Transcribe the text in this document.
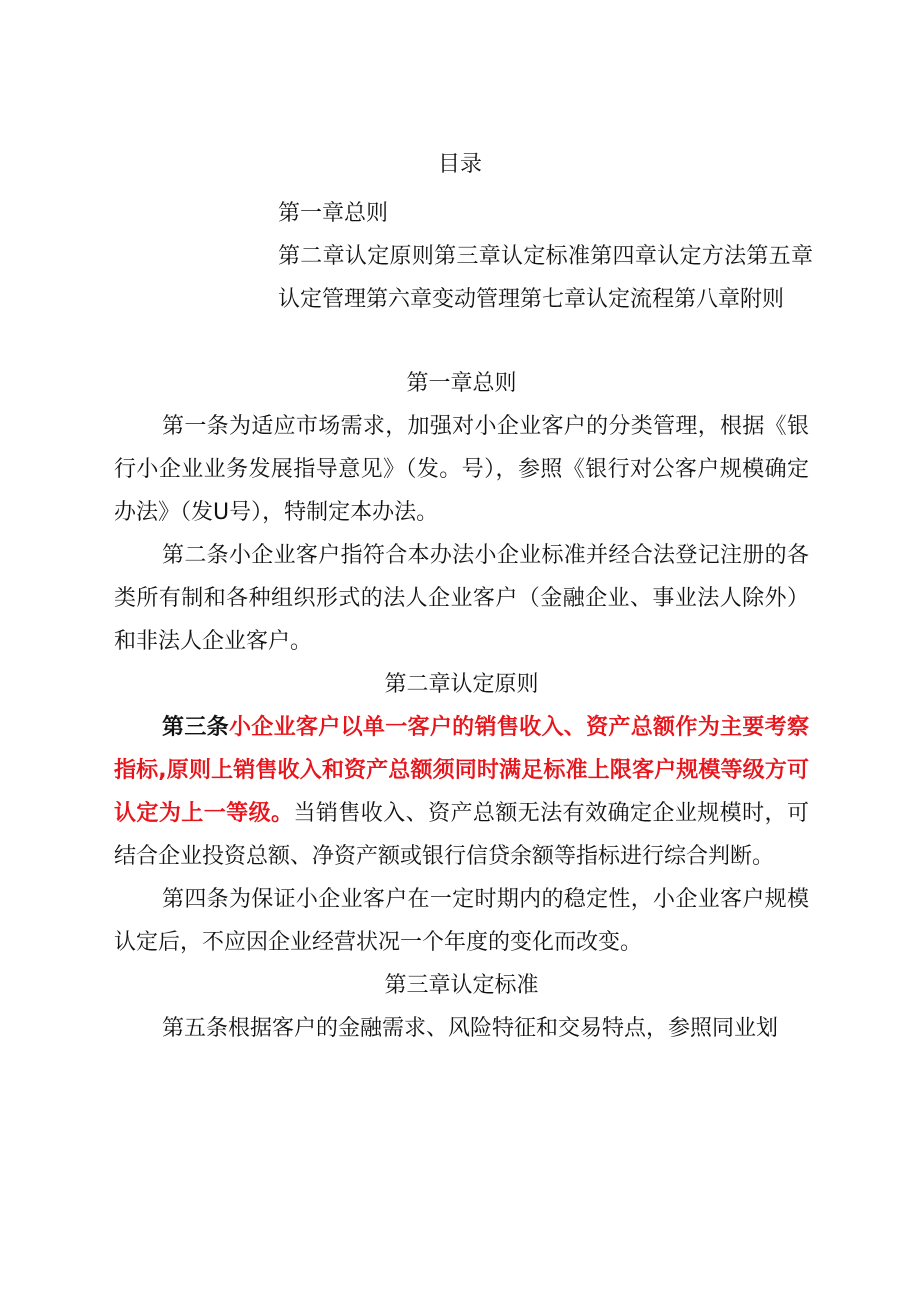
目录

第一章总则

第二章认定原则第三章认定标准第四章认定方法第五章认定管理第六章变动管理第七章认定流程第八章附则

第一章总则

第一条为适应市场需求，加强对小企业客户的分类管理，根据《银行小企业业务发展指导意见》（发。号），参照《银行对公客户规模确定办法》（发U号），特制定本办法。

第二条小企业客户指符合本办法小企业标准并经合法登记注册的各类所有制和各种组织形式的法人企业客户（金融企业、事业法人除外）和非法人企业客户。

第二章认定原则

第三条小企业客户以单一客户的销售收入、资产总额作为主要考察指标,原则上销售收入和资产总额须同时满足标准上限客户规模等级方可认定为上一等级。当销售收入、资产总额无法有效确定企业规模时，可结合企业投资总额、净资产额或银行信贷余额等指标进行综合判断。

第四条为保证小企业客户在一定时期内的稳定性，小企业客户规模认定后，不应因企业经营状况一个年度的变化而改变。

第三章认定标准

第五条根据客户的金融需求、风险特征和交易特点，参照同业划
